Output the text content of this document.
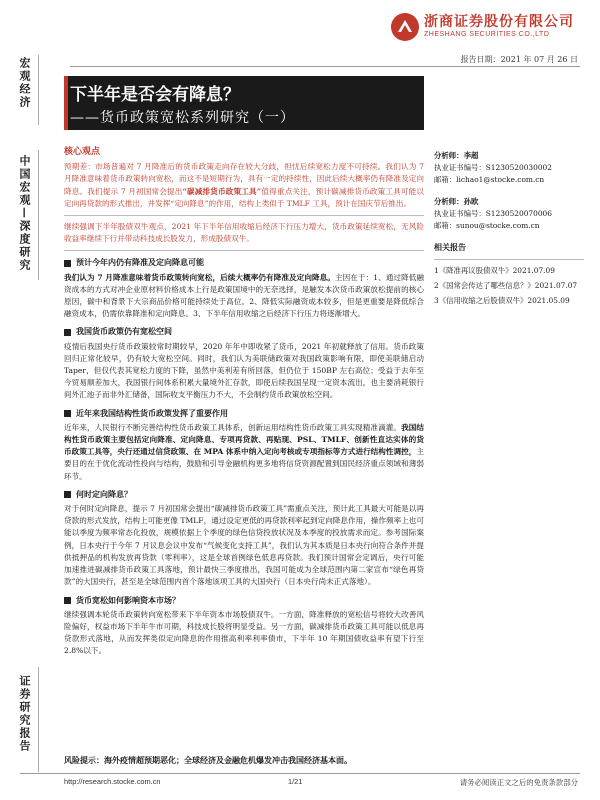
浙商证券股份有限公司
ZHESHANG SECURITIES CO.,LTD
报告日期：2021 年 07 月 26 日
宏观经济
中国宏观—深度研究
证券研究报告
下半年是否会有降息？
——货币政策宽松系列研究（一）
核心观点

预期差：市场普遍对 7 月降准后的货币政策走向存在较大分歧，担忧后续宽松力度不可持续。我们认为 7 月降准意味着货币政策转向宽松，而这不是短期行为，具有一定的持续性，因此后续大概率仍有降准及定向降息。我们提示 7 月初国常会提出“碳减排货币政策工具”值得重点关注，预计碳减排货币政策工具可能以定向再贷款的形式推出，并发挥“定向降息”的作用，结构上类似于 TMLF 工具，预计在国庆节后推出。

继续强调下半年股债双牛观点，2021 年下半年信用收缩后经济下行压力增大，货币政策延续宽松，无风险收益率继续下行并带动科技成长股发力，形成股债双牛。

预计今年内仍有降准及定向降息可能

我们认为 7 月降准意味着货币政策转向宽松，后续大概率仍有降准及定向降息。主因在于：1、通过降低融资成本的方式对冲企业原材料价格成本上行是政策国境中的无奈选择，是触发本次货币政策放松提前的核心原因，碳中和背景下大宗商品价格可能持续处于高位。2、降低实际融资成本较多，但是更重要是降低综合融资成本，仍需依靠降准和定向降息。3、下半年信用收缩之后经济下行压力将逐渐增大。

我国货币政策仍有宽松空间

疫情后我国央行货币政策较常时期较早，2020 年年中即收紧了货币，2021 年初就释放了信用。货币政策回归正常化较早，仍有较大宽松空间。同时，我们认为美联储政策对我国政策影响有限，即使美联储启动 Taper，但仅代表其宽松力度的下降，虽然中美利差有所回落，但仍位于 150BP 左右高位；受益于去年至今贸易顺差加大，我国银行间体系积累大量境外汇存款，即使后续我国呈现一定资本流出，也主要消耗银行间外汇池子而非外汇储备，国际收支平衡压力不大，不会制约货币政策放松空间。

近年来我国结构性货币政策发挥了重要作用

近年来，人民银行不断完善结构性货币政策工具体系，创新运用结构性货币政策工具实现精准滴灌。我国结构性货币政策主要包括定向降准、定向降息、专项再贷款、再贴现、PSL、TMLF、创新性直达实体的货币政策工具等，央行还通过信贷政策、在 MPA 体系中纳入定向考核或专项指标等方式进行结构性调控，主要目的在于优化流动性投向与结构，鼓励和引导金融机构更多地将信贷资源配置到国民经济重点领域和薄弱环节。

何时定向降息？

对于何时定向降息，提示 7 月初国常会提出“碳减排货币政策工具”需重点关注，预计此工具最大可能是以再贷款的形式发放，结构上可能更像 TMLF，通过设定更低的再贷款利率起到定向降息作用，操作频率上也可能以季度为频率常态化投放，规模依据上个季度的绿色信贷投放状况及本季度的投放需求而定。参考国际案例，日本央行于今年 7 月议息会议中发布“气候变化支持工具”，我们认为其本质是日本央行向符合条件并提供抵押品的机构发放再贷款（零利率），这是全球首例绿色低息再贷款。我们预计国常会定调后，央行可能加速推进碳减排货币政策工具落地，预计最快三季度推出，我国可能成为全球范围内第二家宣布“绿色再贷款”的大国央行，甚至是全球范围内首个落地该项工具的大国央行（日本央行尚未正式落地）。

货币宽松如何影响资本市场？

继续强调本轮货币政策转向宽松带来下半年资本市场股债双牛。一方面，降准释放的宽松信号将较大改善风险偏好，权益市场下半年牛市可期，科技成长股将明显受益。另一方面，碳减排货币政策工具可能以低息再贷款形式落地，从而发挥类似定向降息的作用推高利率利率债市，下半年 10 年期国债收益率有望下行至 2.8%以下。

风险提示：海外疫情超预期恶化；全球经济及金融危机爆发冲击我国经济基本面。
分析师：李超
执业证书编号：S1230520030002
邮箱：lichao1@stocke.com.cn
分析师：孙欧
执业证书编号：S1230520070006
邮箱：sunou@stocke.com.cn
相关报告
1《降准再议股债双牛》2021.07.09
2《国常会传达了哪些信息？》2021.07.07
3《信用收缩之后股债双牛》2021.05.09
http://research.stocke.com.cn	1/21	请务必阅读正文之后的免责条款部分
